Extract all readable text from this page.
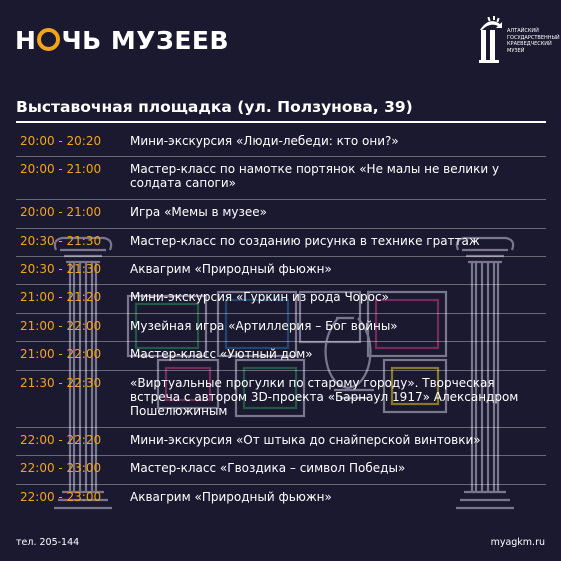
Н ЧЬ МУЗЕЕВ	АЛТАЙСКИЙ
ГОСУДАРСТВЕННЫЙ
КРАЕВЕДЧЕСКИЙ
МУЗЕЙ
Выставочная площадка (ул. Ползунова, 39)
20:00 - 20:20	Мини-экскурсия «Люди-лебеди: кто они?»
20:00 - 21:00	Мастер-класс по намотке портянок «Не малы не велики у солдата сапоги»
20:00 - 21:00	Игра «Мемы в музее»
20:30 - 21:30	Мастер-класс по созданию рисунка в технике граттаж
20:30 - 21:30	Аквагрим «Природный фьюжн»
21:00 - 21:20	Мини-экскурсия «Гуркин из рода Чорос»
21:00 - 22:00	Музейная игра «Артиллерия – Бог войны»
21:00 - 22:00	Мастер-класс «Уютный дом»
21:30 - 22:30	«Виртуальные прогулки по старому городу». Творческая встреча с автором 3D-проекта «Барнаул 1917» Александром Пошелюжиным
22:00 - 22:20	Мини-экскурсия «От штыка до снайперской винтовки»
22:00 - 23:00	Мастер-класс «Гвоздика – символ Победы»
22:00 - 23:00	Аквагрим «Природный фьюжн»
тел. 205-144	myagkm.ru
